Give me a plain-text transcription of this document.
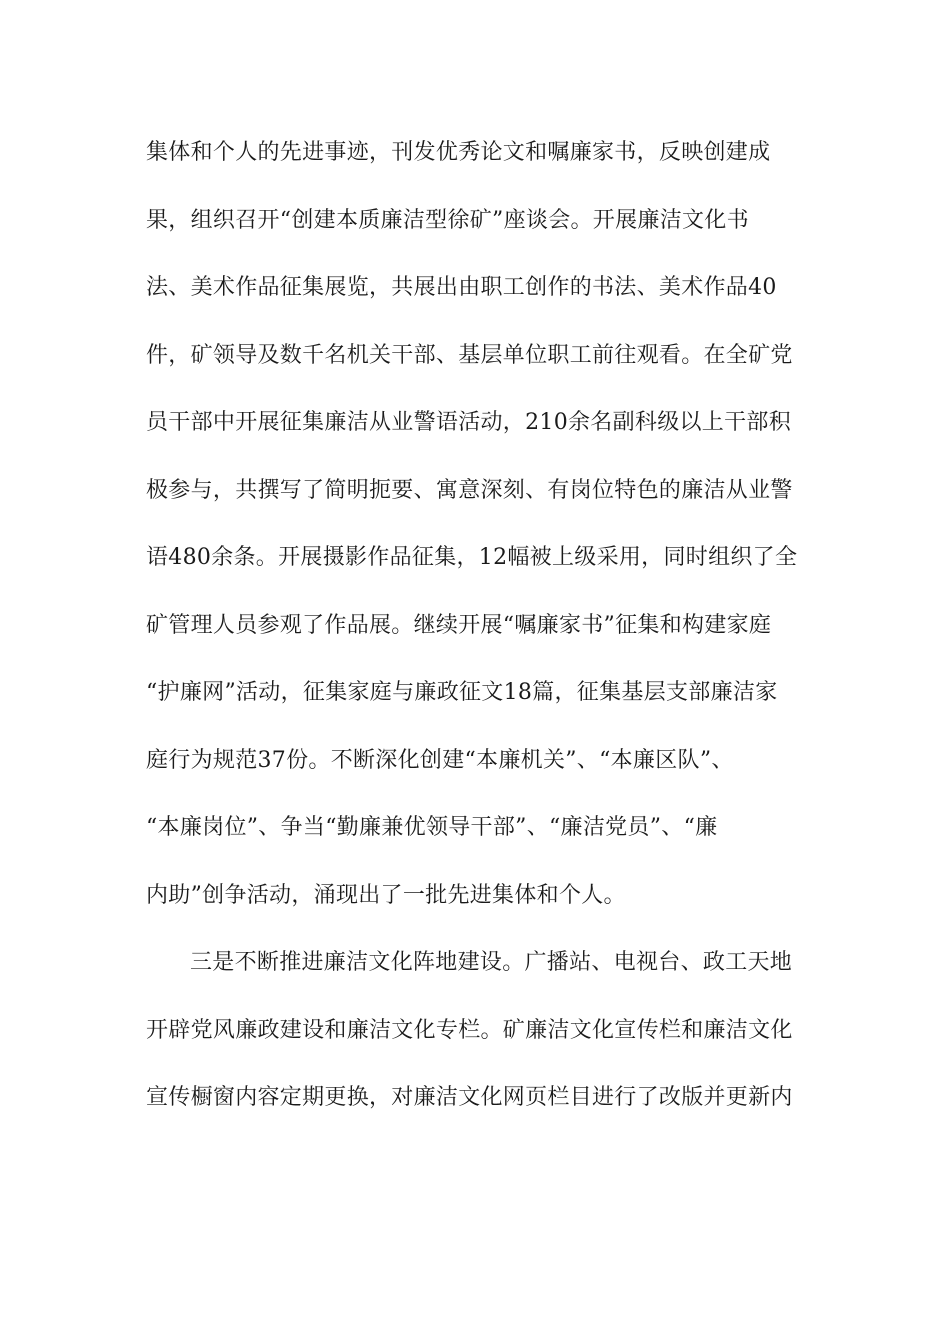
集体和个人的先进事迹，刊发优秀论文和嘱廉家书，反映创建成
果，组织召开“创建本质廉洁型徐矿”座谈会。开展廉洁文化书
法、美术作品征集展览，共展出由职工创作的书法、美术作品40
件，矿领导及数千名机关干部、基层单位职工前往观看。在全矿党
员干部中开展征集廉洁从业警语活动，210余名副科级以上干部积
极参与，共撰写了简明扼要、寓意深刻、有岗位特色的廉洁从业警
语480余条。开展摄影作品征集，12幅被上级采用，同时组织了全
矿管理人员参观了作品展。继续开展“嘱廉家书”征集和构建家庭
“护廉网”活动，征集家庭与廉政征文18篇，征集基层支部廉洁家
庭行为规范37份。不断深化创建“本廉机关”、“本廉区队”、
“本廉岗位”、争当“勤廉兼优领导干部”、“廉洁党员”、“廉
内助”创争活动，涌现出了一批先进集体和个人。
三是不断推进廉洁文化阵地建设。广播站、电视台、政工天地
开辟党风廉政建设和廉洁文化专栏。矿廉洁文化宣传栏和廉洁文化
宣传橱窗内容定期更换，对廉洁文化网页栏目进行了改版并更新内
